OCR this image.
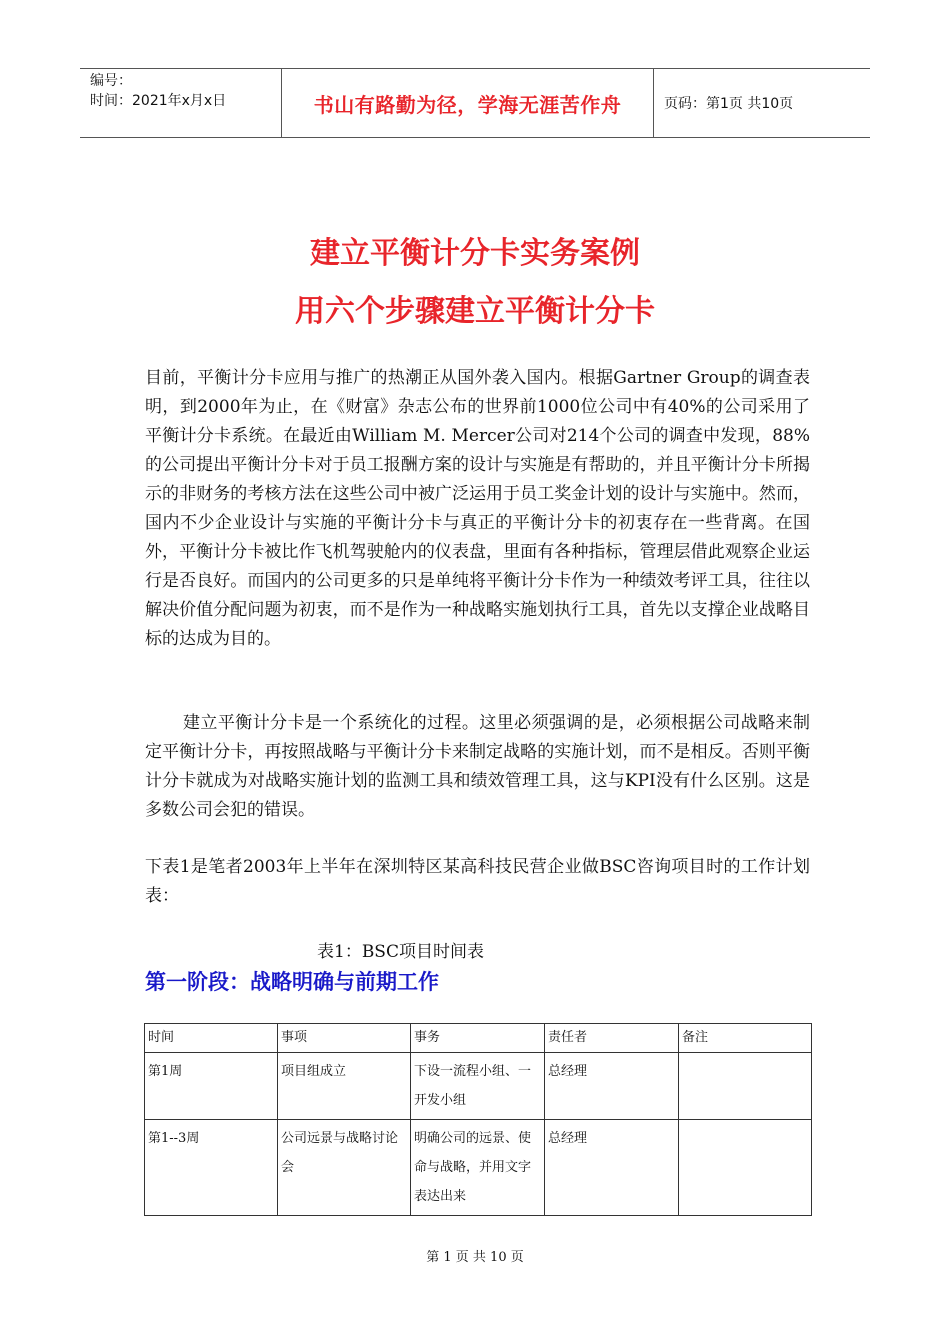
编号：
时间：2021年x月x日	书山有路勤为径，学海无涯苦作舟	页码：第1页 共10页
建立平衡计分卡实务案例
用六个步骤建立平衡计分卡

目前，平衡计分卡应用与推广的热潮正从国外袭入国内。根据Gartner Group的调查表明，到2000年为止，在《财富》杂志公布的世界前1000位公司中有40%的公司采用了平衡计分卡系统。在最近由William M. Mercer公司对214个公司的调查中发现，88%的公司提出平衡计分卡对于员工报酬方案的设计与实施是有帮助的，并且平衡计分卡所揭示的非财务的考核方法在这些公司中被广泛运用于员工奖金计划的设计与实施中。然而，国内不少企业设计与实施的平衡计分卡与真正的平衡计分卡的初衷存在一些背离。在国外，平衡计分卡被比作飞机驾驶舱内的仪表盘，里面有各种指标，管理层借此观察企业运行是否良好。而国内的公司更多的只是单纯将平衡计分卡作为一种绩效考评工具，往往以解决价值分配问题为初衷，而不是作为一种战略实施划执行工具，首先以支撑企业战略目标的达成为目的。

建立平衡计分卡是一个系统化的过程。这里必须强调的是，必须根据公司战略来制定平衡计分卡，再按照战略与平衡计分卡来制定战略的实施计划，而不是相反。否则平衡计分卡就成为对战略实施计划的监测工具和绩效管理工具，这与KPI没有什么区别。这是多数公司会犯的错误。

下表1是笔者2003年上半年在深圳特区某高科技民营企业做BSC咨询项目时的工作计划表：

表1：BSC项目时间表
第一阶段：战略明确与前期工作
时间	事项	事务	责任者	备注
第1周	项目组成立	下设一流程小组、一开发小组	总经理	
第1--3周	公司远景与战略讨论会	明确公司的远景、使命与战略，并用文字表达出来	总经理	
第 1 页 共 10 页
